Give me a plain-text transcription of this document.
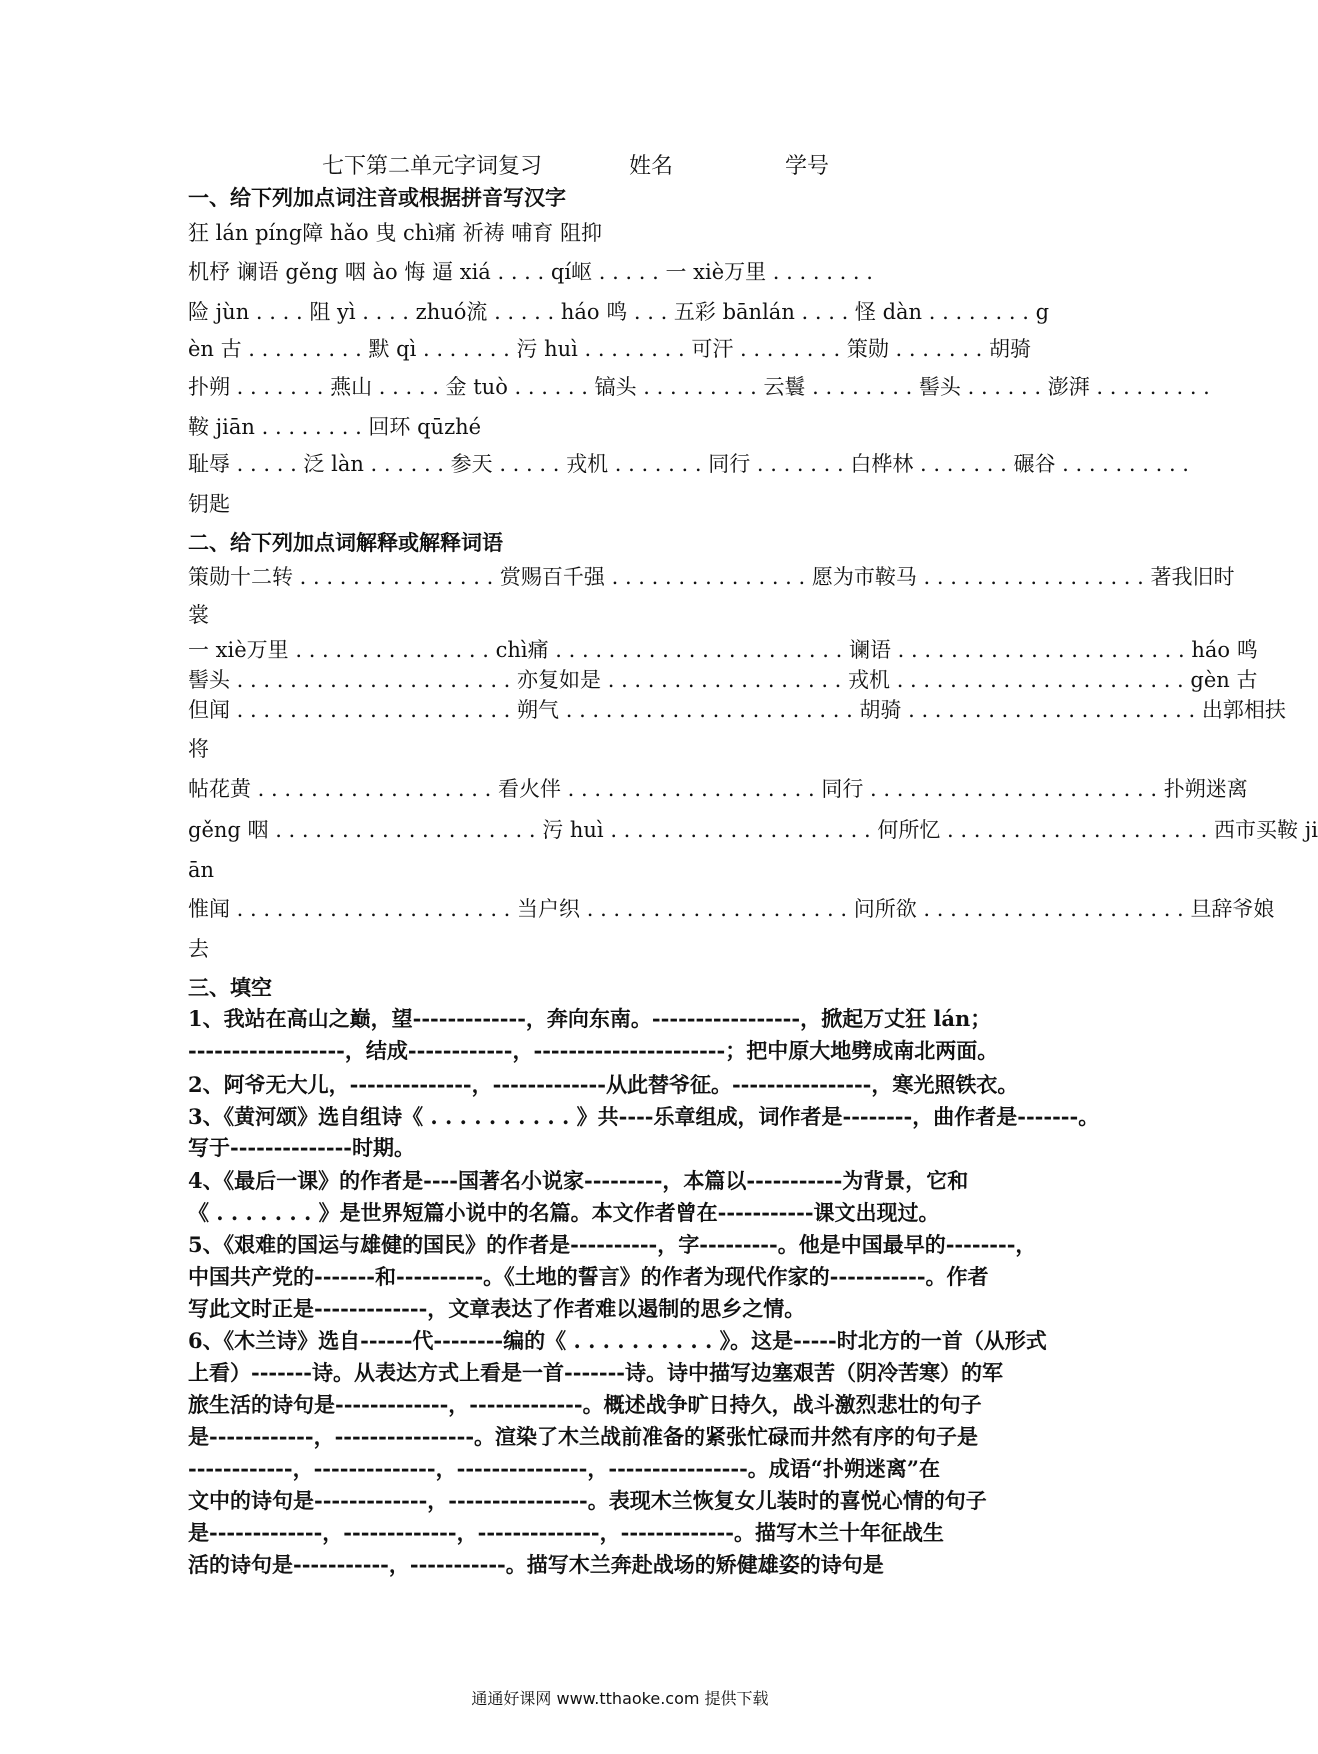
七下第二单元字词复习	姓名	学号
一、给下列加点词注音或根据拼音写汉字
狂 lán píng障 hǎo 曳 chì痛 祈祷 哺育 阻抑
机杼 谰语 gěng 咽 ào 悔 逼 xiá . . . . qí岖 . . . . . 一 xiè万里 . . . . . . . .
险 jùn . . . . 阻 yì . . . . zhuó流 . . . . . háo 鸣 . . . 五彩 bānlán . . . . 怪 dàn . . . . . . . . g
èn 古 . . . . . . . . . 默 qì . . . . . . . 污 huì . . . . . . . . 可汗 . . . . . . . . 策勋 . . . . . . . 胡骑
扑朔 . . . . . . . 燕山 . . . . . 金 tuò . . . . . . 镐头 . . . . . . . . . 云鬟 . . . . . . . . 髻头 . . . . . . 澎湃 . . . . . . . . .
鞍 jiān . . . . . . . . 回环 qūzhé
耻辱 . . . . . 泛 làn . . . . . . 参天 . . . . . 戎机 . . . . . . . 同行 . . . . . . . 白桦林 . . . . . . . 碾谷 . . . . . . . . . .
钥匙
二、给下列加点词解释或解释词语
策勋十二转 . . . . . . . . . . . . . . . 赏赐百千强 . . . . . . . . . . . . . . . 愿为市鞍马 . . . . . . . . . . . . . . . . . 著我旧时
裳
一 xiè万里 . . . . . . . . . . . . . . . chì痛 . . . . . . . . . . . . . . . . . . . . . . 谰语 . . . . . . . . . . . . . . . . . . . . . . háo 鸣
髻头 . . . . . . . . . . . . . . . . . . . . . 亦复如是 . . . . . . . . . . . . . . . . . . 戎机 . . . . . . . . . . . . . . . . . . . . . . gèn 古
但闻 . . . . . . . . . . . . . . . . . . . . . 朔气 . . . . . . . . . . . . . . . . . . . . . . 胡骑 . . . . . . . . . . . . . . . . . . . . . . 出郭相扶
将
帖花黄 . . . . . . . . . . . . . . . . . . 看火伴 . . . . . . . . . . . . . . . . . . . 同行 . . . . . . . . . . . . . . . . . . . . . . 扑朔迷离
gěng 咽 . . . . . . . . . . . . . . . . . . . . 污 huì . . . . . . . . . . . . . . . . . . . . 何所忆 . . . . . . . . . . . . . . . . . . . . 西市买鞍 ji
ān
惟闻 . . . . . . . . . . . . . . . . . . . . . 当户织 . . . . . . . . . . . . . . . . . . . . 问所欲 . . . . . . . . . . . . . . . . . . . . 旦辞爷娘
去
三、填空
1、我站在高山之巅，望-------------，奔向东南。-----------------，掀起万丈狂 lán；
------------------，结成------------，----------------------；把中原大地劈成南北两面。
2、阿爷无大儿，--------------，-------------从此替爷征。----------------，寒光照铁衣。
3、《黄河颂》选自组诗《 . . . . . . . . . . 》共----乐章组成，词作者是--------，曲作者是-------。
写于--------------时期。
4、《最后一课》的作者是----国著名小说家---------，本篇以-----------为背景，它和
《 . . . . . . . 》是世界短篇小说中的名篇。本文作者曾在-----------课文出现过。
5、《艰难的国运与雄健的国民》的作者是----------，字---------。他是中国最早的--------，
中国共产党的-------和----------。《土地的誓言》的作者为现代作家的-----------。作者
写此文时正是-------------，文章表达了作者难以遏制的思乡之情。
6、《木兰诗》选自------代--------编的《 . . . . . . . . . . 》。这是-----时北方的一首（从形式
上看）-------诗。从表达方式上看是一首-------诗。诗中描写边塞艰苦（阴冷苦寒）的军
旅生活的诗句是-------------，-------------。概述战争旷日持久，战斗激烈悲壮的句子
是------------，----------------。渲染了木兰战前准备的紧张忙碌而井然有序的句子是
------------，--------------，---------------，----------------。成语“扑朔迷离”在
文中的诗句是-------------，----------------。表现木兰恢复女儿装时的喜悦心情的句子
是-------------，-------------，--------------，-------------。描写木兰十年征战生
活的诗句是-----------，-----------。描写木兰奔赴战场的矫健雄姿的诗句是
通通好课网 www.tthaoke.com 提供下载
